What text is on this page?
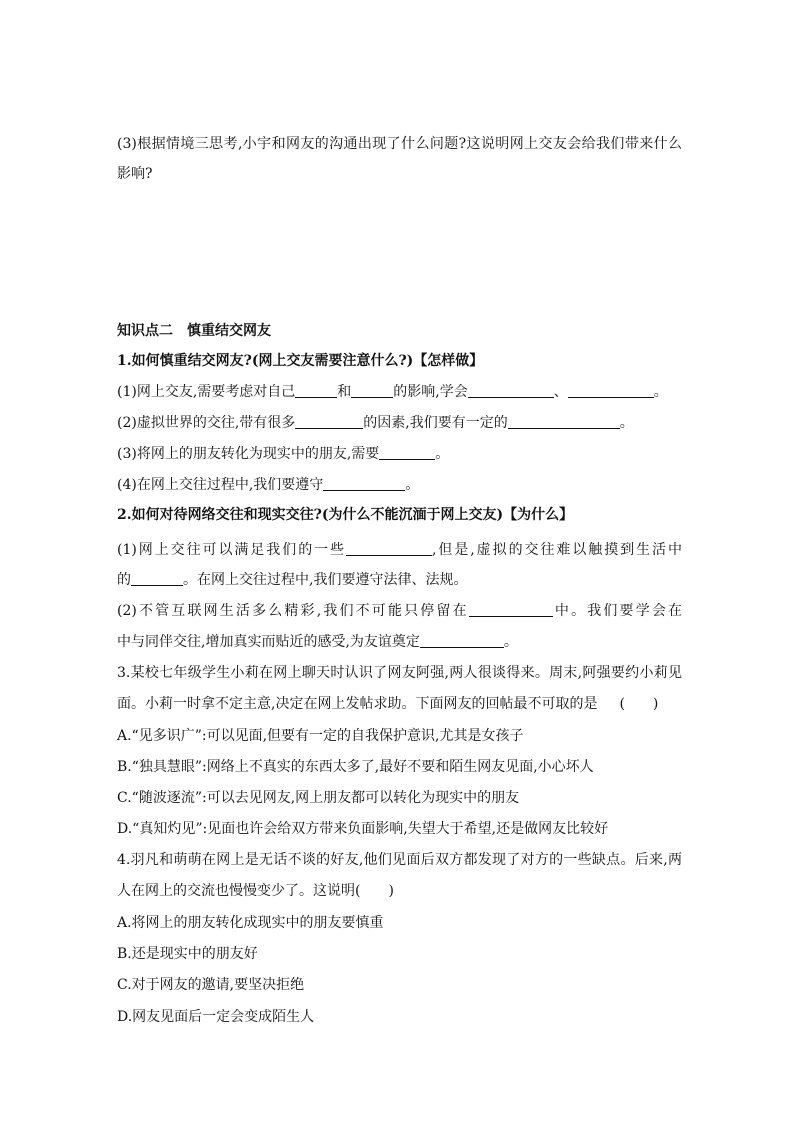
(3)根据情境三思考,小宇和网友的沟通出现了什么问题?这说明网上交友会给我们带来什么
影响?
知识点二　慎重结交网友
1.如何慎重结交网友?(网上交友需要注意什么?)【怎样做】
(1)网上交友,需要考虑对自己	和	的影响,学会	、	。
(2)虚拟世界的交往,带有很多	的因素,我们要有一定的	。
(3)将网上的朋友转化为现实中的朋友,需要	。
(4)在网上交往过程中,我们要遵守	。
2.如何对待网络交往和现实交往?(为什么不能沉湎于网上交友)【为什么】
(1)网上交往可以满足我们的一些	,但是,虚拟的交往难以触摸到生活中
的	。在网上交往过程中,我们要遵守法律、法规。
(2)不管互联网生活多么精彩,我们不可能只停留在	中。我们要学会在
中与同伴交往,增加真实而贴近的感受,为友谊奠定	。
3.某校七年级学生小莉在网上聊天时认识了网友阿强,两人很谈得来。周末,阿强要约小莉见
面。小莉一时拿不定主意,决定在网上发帖求助。下面网友的回帖最不可取的是 (　　)
A.“见多识广”:可以见面,但要有一定的自我保护意识,尤其是女孩子
B.“独具慧眼”:网络上不真实的东西太多了,最好不要和陌生网友见面,小心坏人
C.“随波逐流”:可以去见网友,网上朋友都可以转化为现实中的朋友
D.“真知灼见”:见面也许会给双方带来负面影响,失望大于希望,还是做网友比较好
4.羽凡和萌萌在网上是无话不谈的好友,他们见面后双方都发现了对方的一些缺点。后来,两
人在网上的交流也慢慢变少了。这说明(　　)
A.将网上的朋友转化成现实中的朋友要慎重
B.还是现实中的朋友好
C.对于网友的邀请,要坚决拒绝
D.网友见面后一定会变成陌生人
